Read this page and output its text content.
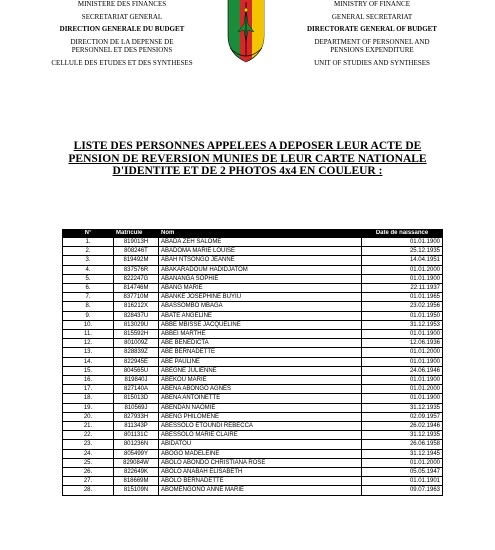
MINISTERE DES FINANCES
SECRETARIAT GENERAL
DIRECTION GENERALE DU BUDGET
DIRECTION DE LA DEPENSE DE
PERSONNEL ET DES PENSIONS
CELLULE DES ETUDES ET DES SYNTHESES
MINISTRY OF FINANCE
GENERAL SECRETARIAT
DIRECTORATE GENERAL OF BUDGET
DEPARTMENT OF PERSONNEL AND
PENSIONS EXPENDITURE
UNIT OF STUDIES AND SYNTHESES
LISTE DES PERSONNES APPELEES A DEPOSER LEUR ACTE DE
PENSION DE REVERSION MUNIES DE LEUR CARTE NATIONALE
D'IDENTITE ET DE 2 PHOTOS 4x4 EN COULEUR :
N°	Matricule	Nom	Date de naissance
1.	819013H	ABADA ZEH SALOME	01.01.1900
2.	808246T	ABADOMA MARIE LOUISE	25.12.1935
3.	819492M	ABAH NTSONGO JEANNE	14.04.1951
4.	837576R	ABAKARADOUM HADIDJATOM	01.01.2000
5.	822247G	ABANANGA SOPHIE	01.01.1900
6.	814746M	ABANG MARIE	22.11.1937
7.	837710M	ABANKE JOSEPHINE BUYIU	01.01.1965
8.	816212X	ABASSOMBO MBAGA	23.02.1956
9.	828437U	ABATE ANGELINE	01.01.1950
10.	813029U	ABBE MBISSE JACQUELINE	31.12.1953
11.	815592H	ABBEI MARTHE	01.01.1900
12.	801009Z	ABE BENEDICTA	12.06.1936
13.	828839Z	ABE BERNADETTE	01.01.2000
14.	822945E	ABE PAULINE	01.01.1900
15.	804565U	ABEGNE JULIENNE	24.06.1946
16.	819840J	ABEKOU MARIE	01.01.1900
17.	827140A	ABENA ABONGO AGNES	01.01.2000
18.	815013D	ABENA ANTOINETTE	01.01.1900
19.	810569J	ABENDAN NAOMIE	31.12.1935
20.	827933H	ABENG PHILOMENE	02.09.1957
21.	811343P	ABESSOLO ETOUNDI REBECCA	26.02.1946
22.	801131C	ABESSOLO MARIE CLAIRE	31.12.1935
23.	801236N	ABIDATOU	26.06.1958
24.	805499Y	ABOGO MADELEINE	31.12.1945
25.	829084W	ABOLO ABONDO CHRISTIANA ROSE	01.01.2000
26.	822649K	ABOLO ANABAH ELISABETH	05.05.1947
27.	818669M	ABOLO BERNADETTE	01.01.1901
28.	815109N	ABOMENGONO ANNE MARIE	09.07.1963
